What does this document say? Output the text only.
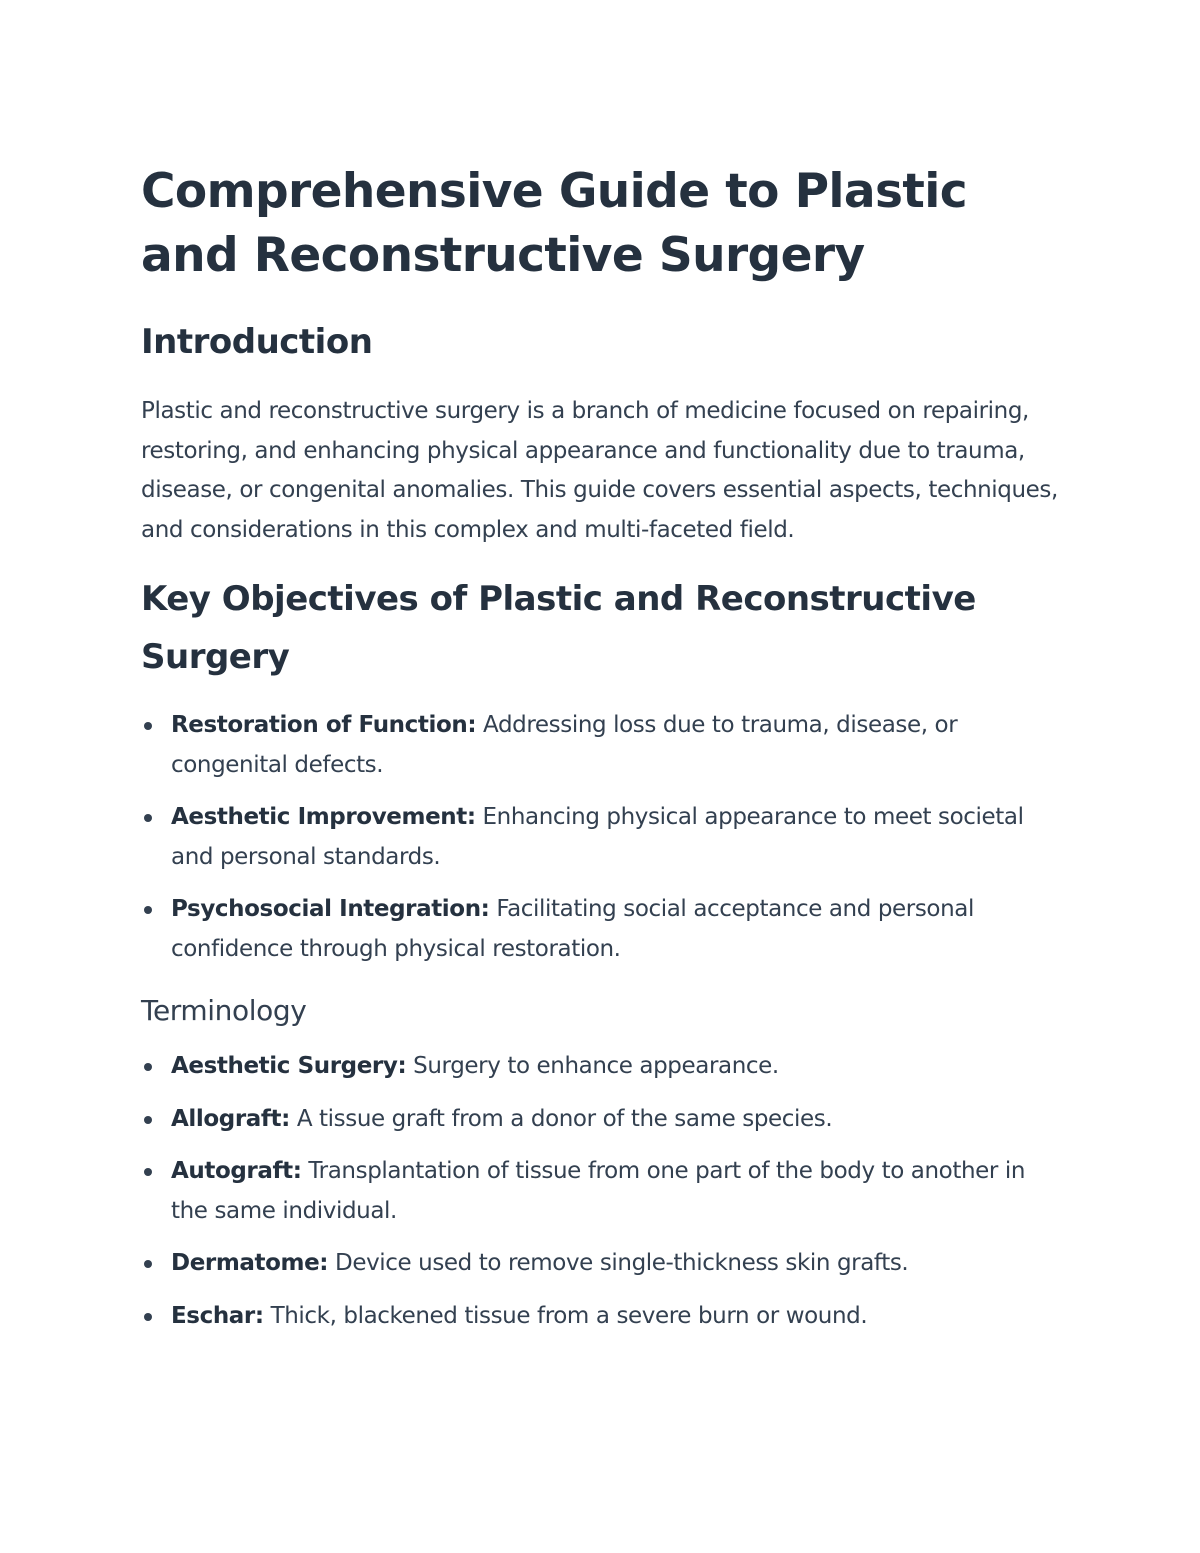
Comprehensive Guide to Plastic and Reconstructive Surgery
Introduction

Plastic and reconstructive surgery is a branch of medicine focused on repairing, restoring, and enhancing physical appearance and functionality due to trauma, disease, or congenital anomalies. This guide covers essential aspects, techniques, and considerations in this complex and multi-faceted field.

Key Objectives of Plastic and Reconstructive Surgery
Restoration of Function: Addressing loss due to trauma, disease, or congenital defects.
Aesthetic Improvement: Enhancing physical appearance to meet societal and personal standards.
Psychosocial Integration: Facilitating social acceptance and personal confidence through physical restoration.
Terminology
Aesthetic Surgery: Surgery to enhance appearance.
Allograft: A tissue graft from a donor of the same species.
Autograft: Transplantation of tissue from one part of the body to another in the same individual.
Dermatome: Device used to remove single-thickness skin grafts.
Eschar: Thick, blackened tissue from a severe burn or wound.
